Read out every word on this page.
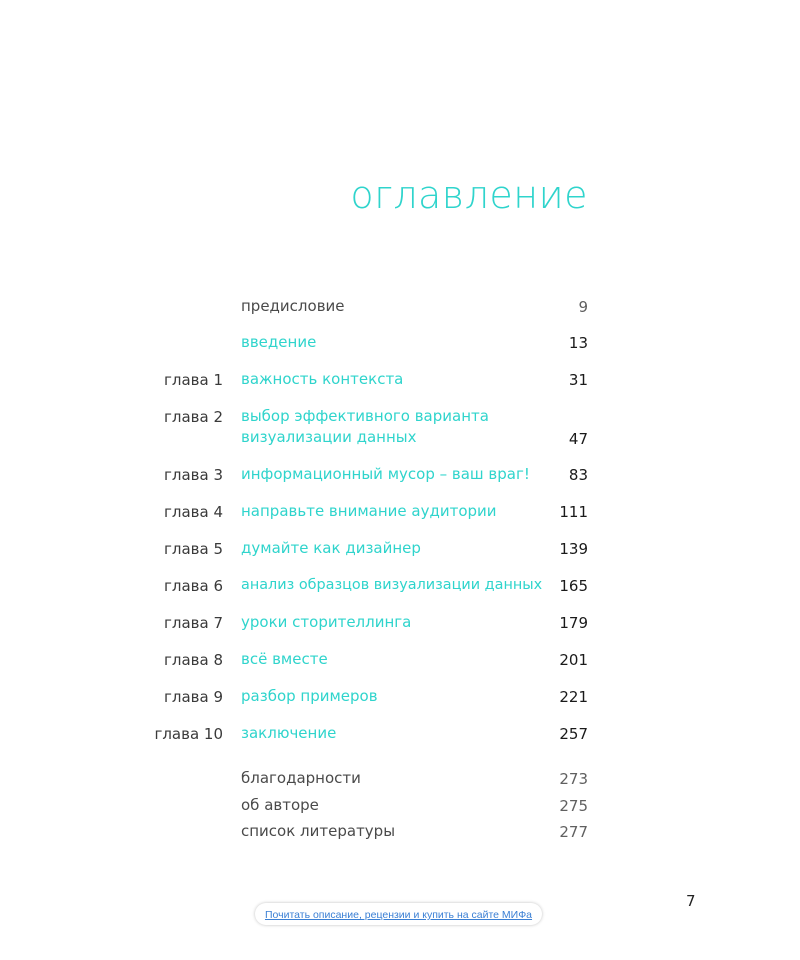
оглавление
предисловие	9
введение	13
глава 1 важность контекста	31
глава 2 выбор эффективного варианта
визуализации данных	47
глава 3 информационный мусор – ваш враг!	83
глава 4 направьте внимание аудитории	111
глава 5 думайте как дизайнер	139
глава 6 анализ образцов визуализации данных	165
глава 7 уроки сторителлинга	179
глава 8 всё вместе	201
глава 9 разбор примеров	221
глава 10 заключение	257
благодарности	273
об авторе	275
список литературы	277
7
Почитать описание, рецензии и купить на сайте МИФа
